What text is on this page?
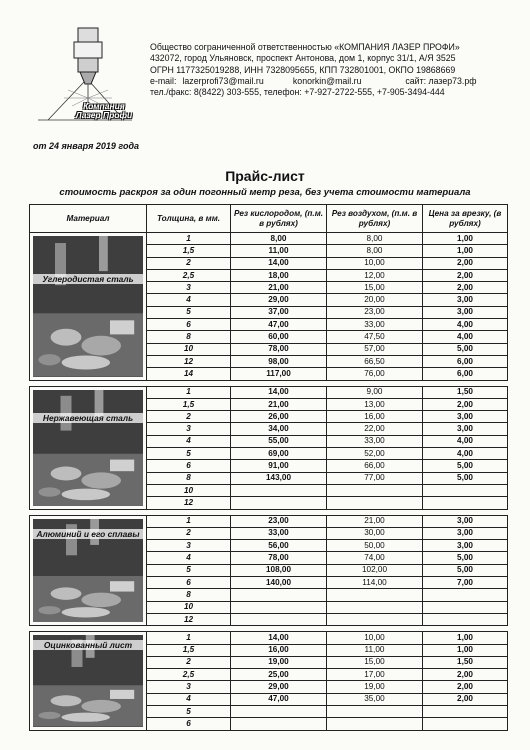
Компания
Лазер Профи
от 24 января 2019 года
Общество сограниченной ответственностью «КОМПАНИЯ ЛАЗЕР ПРОФИ»
432072, город Ульяновск, проспект Антонова, дом 1, корпус 31/1, А/Я 3525
ОГРН 1177325019288, ИНН 7328095655, КПП 732801001, ОКПО 19868669
e-mail: lazerprofi73@mail.ru	konorkin@mail.ru	сайт: лазер73.рф
тел./факс: 8(8422) 303-555, телефон: +7-927-2722-555, +7-905-3494-444
Прайс-лист
стоимость раскроя за один погонный метр реза, без учета стоимости материала
Материал	Толщина, в мм.	Рез кислородом, (п.м. в рублях)	Рез воздухом, (п.м. в рублях)	Цена за врезку, (в рублях)

Углеродистая сталь	1	8,00	8,00	1,00
	1,5	11,00	8,00	1,00
	2	14,00	10,00	2,00
	2,5	18,00	12,00	2,00
	3	21,00	15,00	2,00
	4	29,00	20,00	3,00
	5	37,00	23,00	3,00
	6	47,00	33,00	4,00
	8	60,00	47,50	4,00
	10	78,00	57,00	5,00
	12	98,00	66,50	6,00
	14	117,00	76,00	6,00

Нержавеющая сталь	1	14,00	9,00	1,50
	1,5	21,00	13,00	2,00
	2	26,00	16,00	3,00
	3	34,00	22,00	3,00
	4	55,00	33,00	4,00
	5	69,00	52,00	4,00
	6	91,00	66,00	5,00
	8	143,00	77,00	5,00
	10			
	12			

Алюминий и его сплавы	1	23,00	21,00	3,00
	2	33,00	30,00	3,00
	3	56,00	50,00	3,00
	4	78,00	74,00	5,00
	5	108,00	102,00	5,00
	6	140,00	114,00	7,00
	8			
	10			
	12			

Оцинкованный лист	1	14,00	10,00	1,00
	1,5	16,00	11,00	1,00
	2	19,00	15,00	1,50
	2,5	25,00	17,00	2,00
	3	29,00	19,00	2,00
	4	47,00	35,00	2,00
	5			
	6			
